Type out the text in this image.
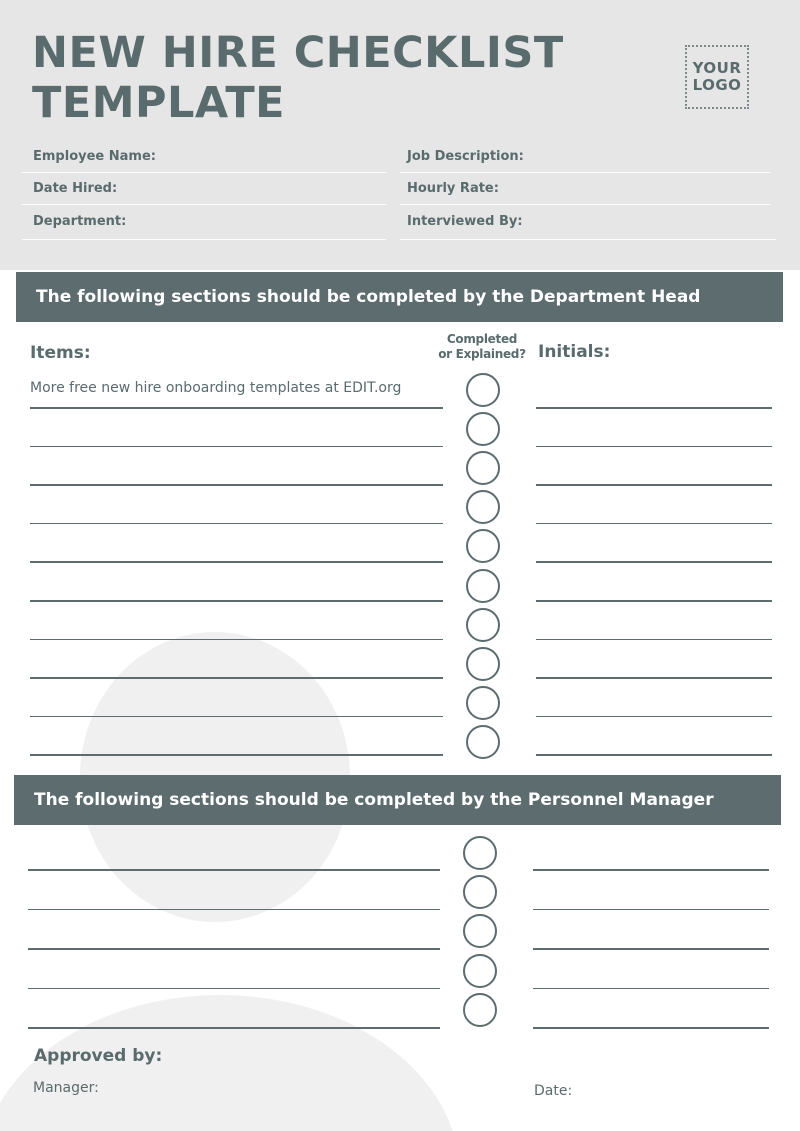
NEW HIRE CHECKLIST
TEMPLATE
YOUR
LOGO
Employee Name:
Date Hired:
Department:
Job Description:
Hourly Rate:
Interviewed By:
The following sections should be completed by the Department Head
Items:
Completed
or Explained? Initials:
More free new hire onboarding templates at EDIT.org
The following sections should be completed by the Personnel Manager
Approved by:
Manager:	Date:
